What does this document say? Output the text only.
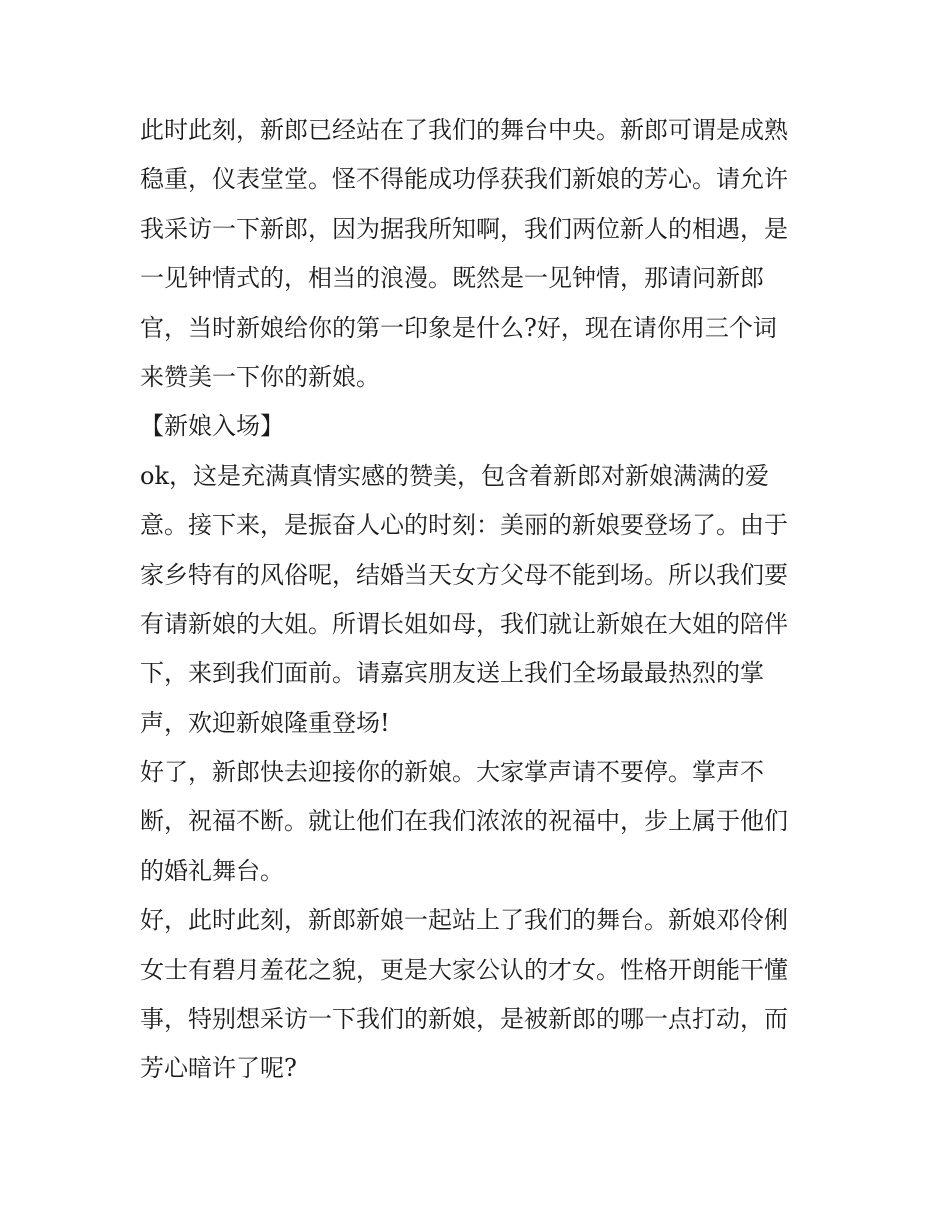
此时此刻，新郎已经站在了我们的舞台中央。新郎可谓是成熟
稳重，仪表堂堂。怪不得能成功俘获我们新娘的芳心。请允许
我采访一下新郎，因为据我所知啊，我们两位新人的相遇，是
一见钟情式的，相当的浪漫。既然是一见钟情，那请问新郎
官，当时新娘给你的第一印象是什么?好，现在请你用三个词
来赞美一下你的新娘。
【新娘入场】
ok，这是充满真情实感的赞美，包含着新郎对新娘满满的爱
意。接下来，是振奋人心的时刻：美丽的新娘要登场了。由于
家乡特有的风俗呢，结婚当天女方父母不能到场。所以我们要
有请新娘的大姐。所谓长姐如母，我们就让新娘在大姐的陪伴
下，来到我们面前。请嘉宾朋友送上我们全场最最热烈的掌
声，欢迎新娘隆重登场!
好了，新郎快去迎接你的新娘。大家掌声请不要停。掌声不
断，祝福不断。就让他们在我们浓浓的祝福中，步上属于他们
的婚礼舞台。
好，此时此刻，新郎新娘一起站上了我们的舞台。新娘邓伶俐
女士有碧月羞花之貌，更是大家公认的才女。性格开朗能干懂
事，特别想采访一下我们的新娘，是被新郎的哪一点打动，而
芳心暗许了呢?
